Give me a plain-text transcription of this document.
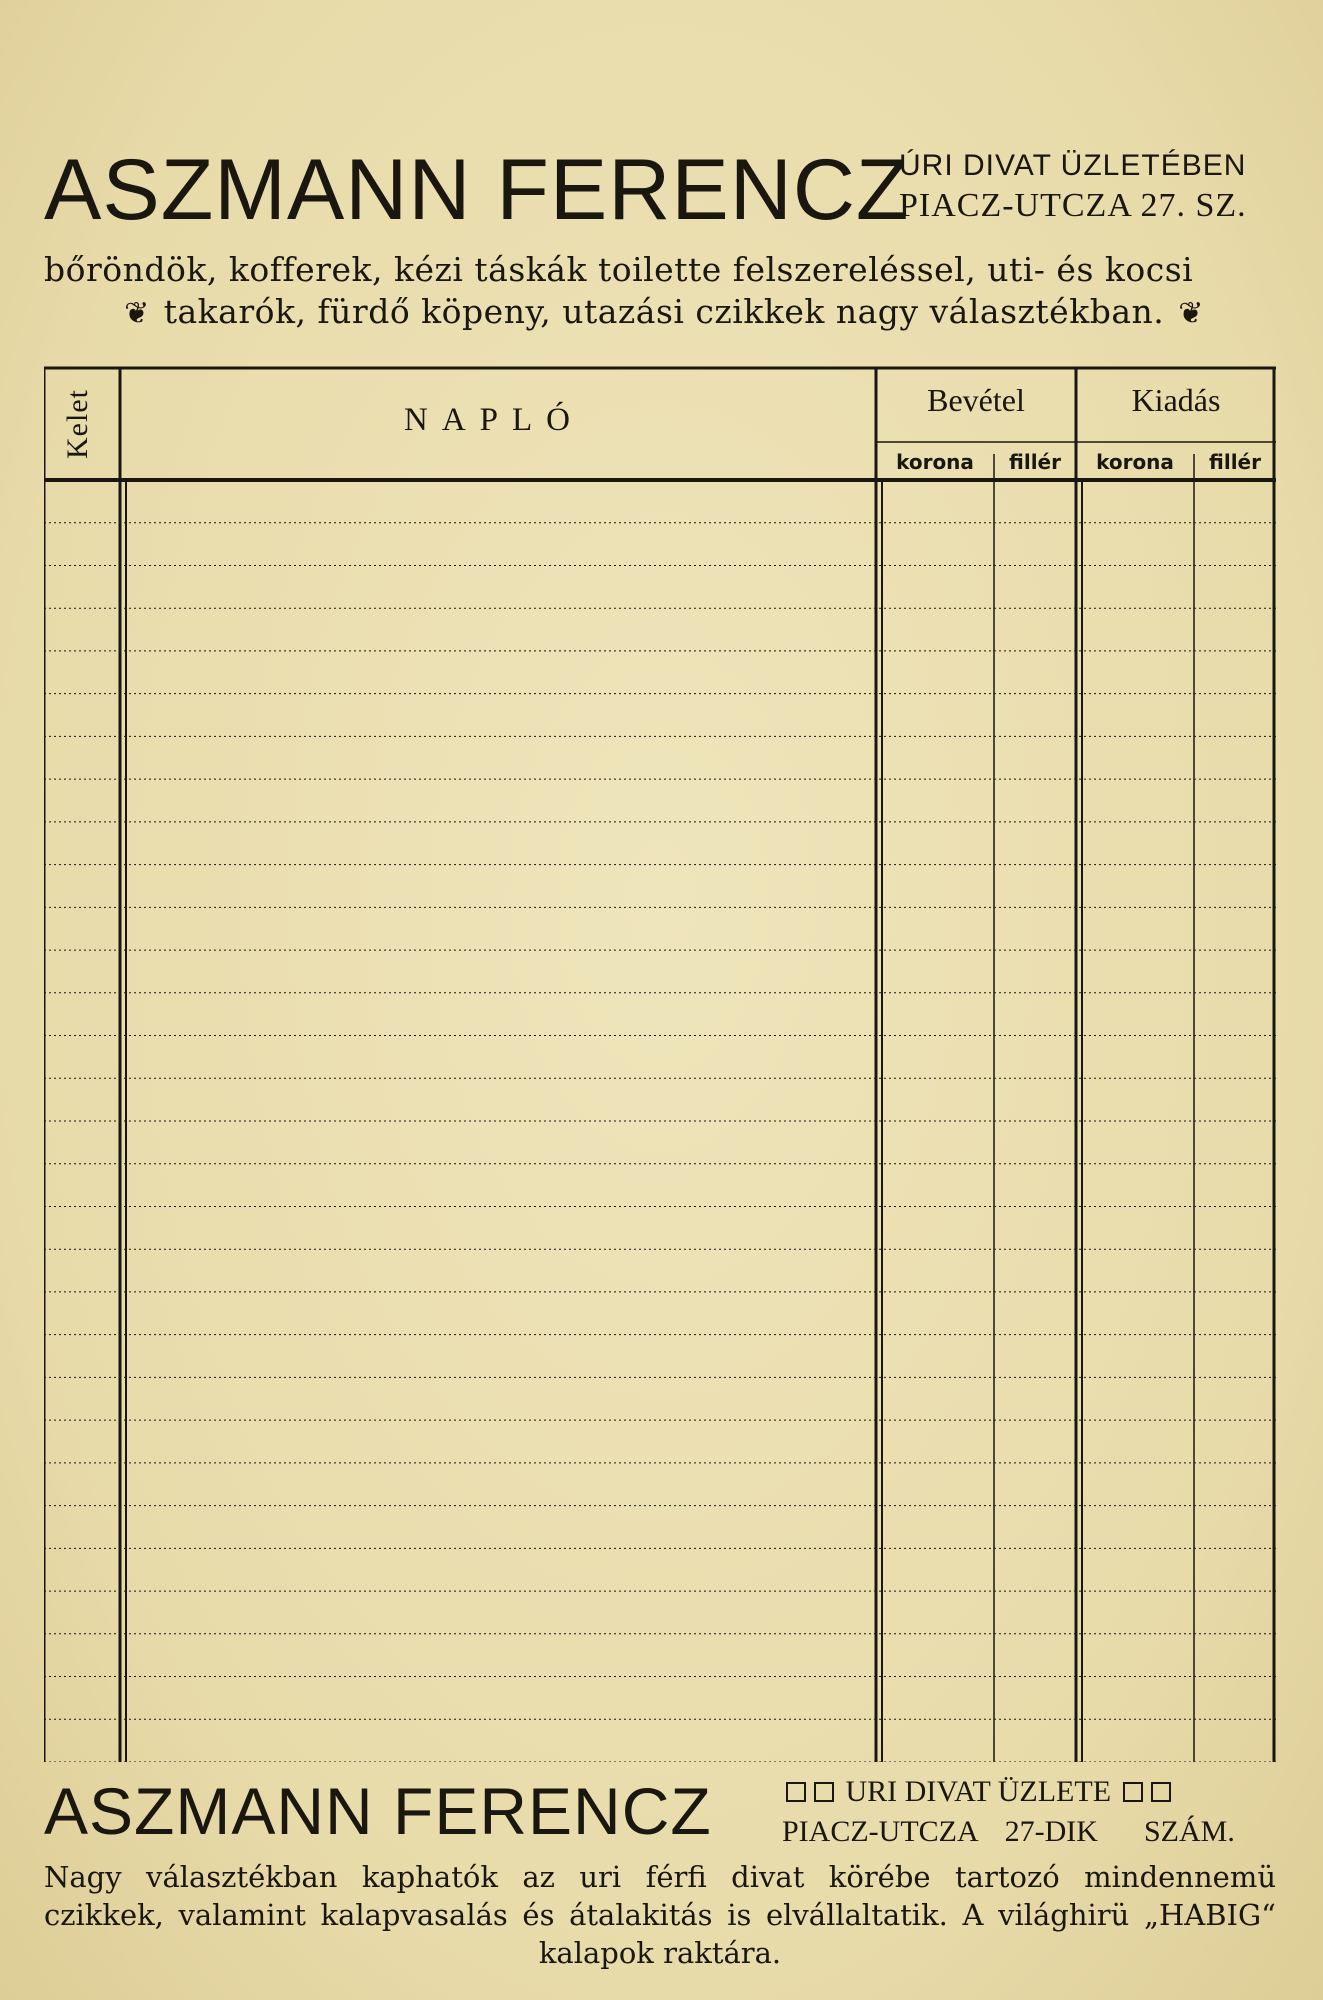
ASZMANN FERENCZ
ÚRI DIVAT ÜZLETÉBEN
PIACZ-UTCZA 27. SZ.
bőröndök, kofferek, kézi táskák toilette felszereléssel, uti- és kocsi
❦ takarók, fürdő köpeny, utazási czikkek nagy választékban. ❦
Kelet	NAPLÓ
Bevétel	Kiadás
korona	fillér	korona	fillér
ASZMANN FERENCZ	URI DIVAT ÜZLETE
PIACZ-UTCZA 27-DIK SZÁM.
Nagy választékban kaphatók az uri férfi divat körébe tartozó mindennemü
czikkek, valamint kalapvasalás és átalakitás is elvállaltatik. A világhirü „HABIG“
kalapok raktára.
